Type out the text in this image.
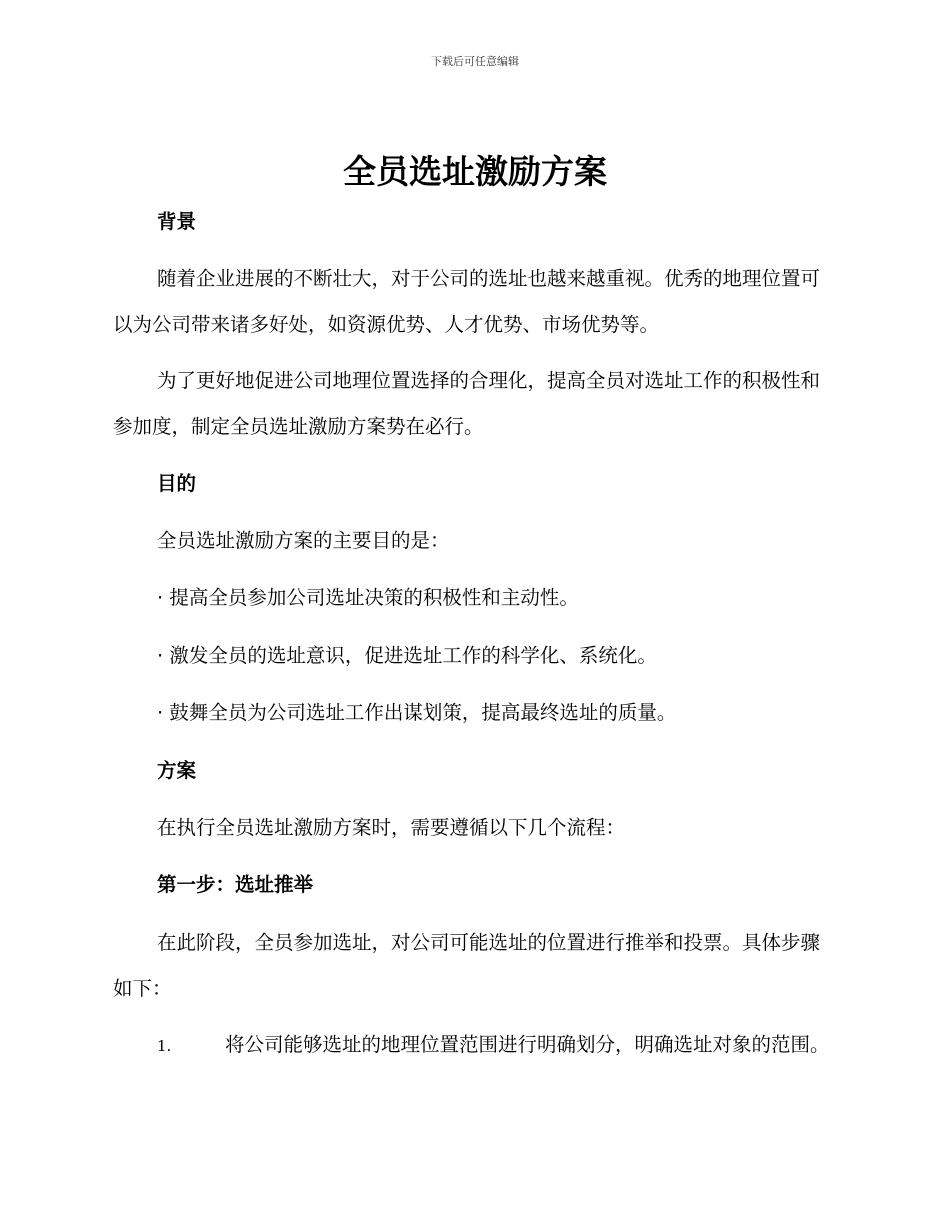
下载后可任意编辑
全员选址激励方案

背景

随着企业进展的不断壮大，对于公司的选址也越来越重视。优秀的地理位置可以为公司带来诸多好处，如资源优势、人才优势、市场优势等。

为了更好地促进公司地理位置选择的合理化，提高全员对选址工作的积极性和参加度，制定全员选址激励方案势在必行。

目的

全员选址激励方案的主要目的是：

· 提高全员参加公司选址决策的积极性和主动性。

· 激发全员的选址意识，促进选址工作的科学化、系统化。

· 鼓舞全员为公司选址工作出谋划策，提高最终选址的质量。

方案

在执行全员选址激励方案时，需要遵循以下几个流程：

第一步：选址推举

在此阶段，全员参加选址，对公司可能选址的位置进行推举和投票。具体步骤如下：

1.	将公司能够选址的地理位置范围进行明确划分，明确选址对象的范围。
